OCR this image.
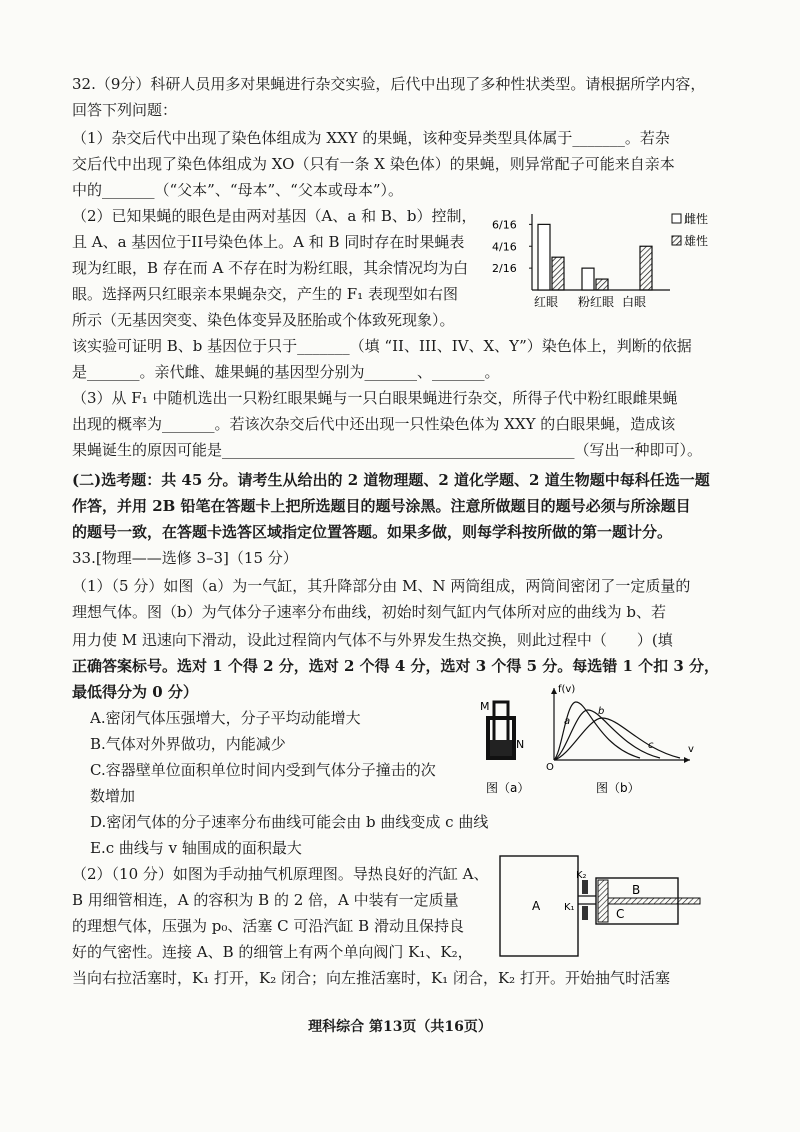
32.（9分）科研人员用多对果蝇进行杂交实验，后代中出现了多种性状类型。请根据所学内容，
回答下列问题：
（1）杂交后代中出现了染色体组成为 XXY 的果蝇，该种变异类型具体属于_______。若杂
交后代中出现了染色体组成为 XO（只有一条 X 染色体）的果蝇，则异常配子可能来自亲本
中的_______（“父本”、“母本”、“父本或母本”）。
（2）已知果蝇的眼色是由两对基因（A、a 和 B、b）控制，
且 A、a 基因位于II号染色体上。A 和 B 同时存在时果蝇表
现为红眼，B 存在而 A 不存在时为粉红眼，其余情况均为白
眼。选择两只红眼亲本果蝇杂交，产生的 F₁ 表现型如右图
所示（无基因突变、染色体变异及胚胎或个体致死现象）。
该实验可证明 B、b 基因位于只于_______（填 “II、III、IV、X、Y”）染色体上，判断的依据
是_______。亲代雌、雄果蝇的基因型分别为_______、_______。
（3）从 F₁ 中随机选出一只粉红眼果蝇与一只白眼果蝇进行杂交，所得子代中粉红眼雌果蝇
出现的概率为_______。若该次杂交后代中还出现一只性染色体为 XXY 的白眼果蝇，造成该
果蝇诞生的原因可能是_______________________________________________（写出一种即可）。
6/16
4/16
2/16
红眼 粉红眼 白眼
雌性
雄性
(二)选考题：共 45 分。请考生从给出的 2 道物理题、2 道化学题、2 道生物题中每科任选一题
作答，并用 2B 铅笔在答题卡上把所选题目的题号涂黑。注意所做题目的题号必须与所涂题目
的题号一致，在答题卡选答区域指定位置答题。如果多做，则每学科按所做的第一题计分。
33.[物理——选修 3–3]（15 分）
（1）（5 分）如图（a）为一气缸，其升降部分由 M、N 两筒组成，两筒间密闭了一定质量的
理想气体。图（b）为气体分子速率分布曲线，初始时刻气缸内气体所对应的曲线为 b、若
用力使 M 迅速向下滑动，设此过程筒内气体不与外界发生热交换，则此过程中（　　）(填
正确答案标号。选对 1 个得 2 分，选对 2 个得 4 分，选对 3 个得 5 分。每选错 1 个扣 3 分，
最低得分为 0 分）
A.密闭气体压强增大，分子平均动能增大
B.气体对外界做功，内能减少
C.容器壁单位面积单位时间内受到气体分子撞击的次
数增加
D.密闭气体的分子速率分布曲线可能会由 b 曲线变成 c 曲线
E.c 曲线与 v 轴围成的面积最大
M
N
图（a）
f(v)
v
O
a
b
c
图（b）
（2）（10 分）如图为手动抽气机原理图。导热良好的汽缸 A、
B 用细管相连，A 的容积为 B 的 2 倍，A 中装有一定质量
的理想气体，压强为 p₀、活塞 C 可沿汽缸 B 滑动且保持良
好的气密性。连接 A、B 的细管上有两个单向阀门 K₁、K₂，
当向右拉活塞时，K₁ 打开，K₂ 闭合；向左推活塞时，K₁ 闭合，K₂ 打开。开始抽气时活塞
A
B
C
K₁
K₂
理科综合 第13页（共16页）
